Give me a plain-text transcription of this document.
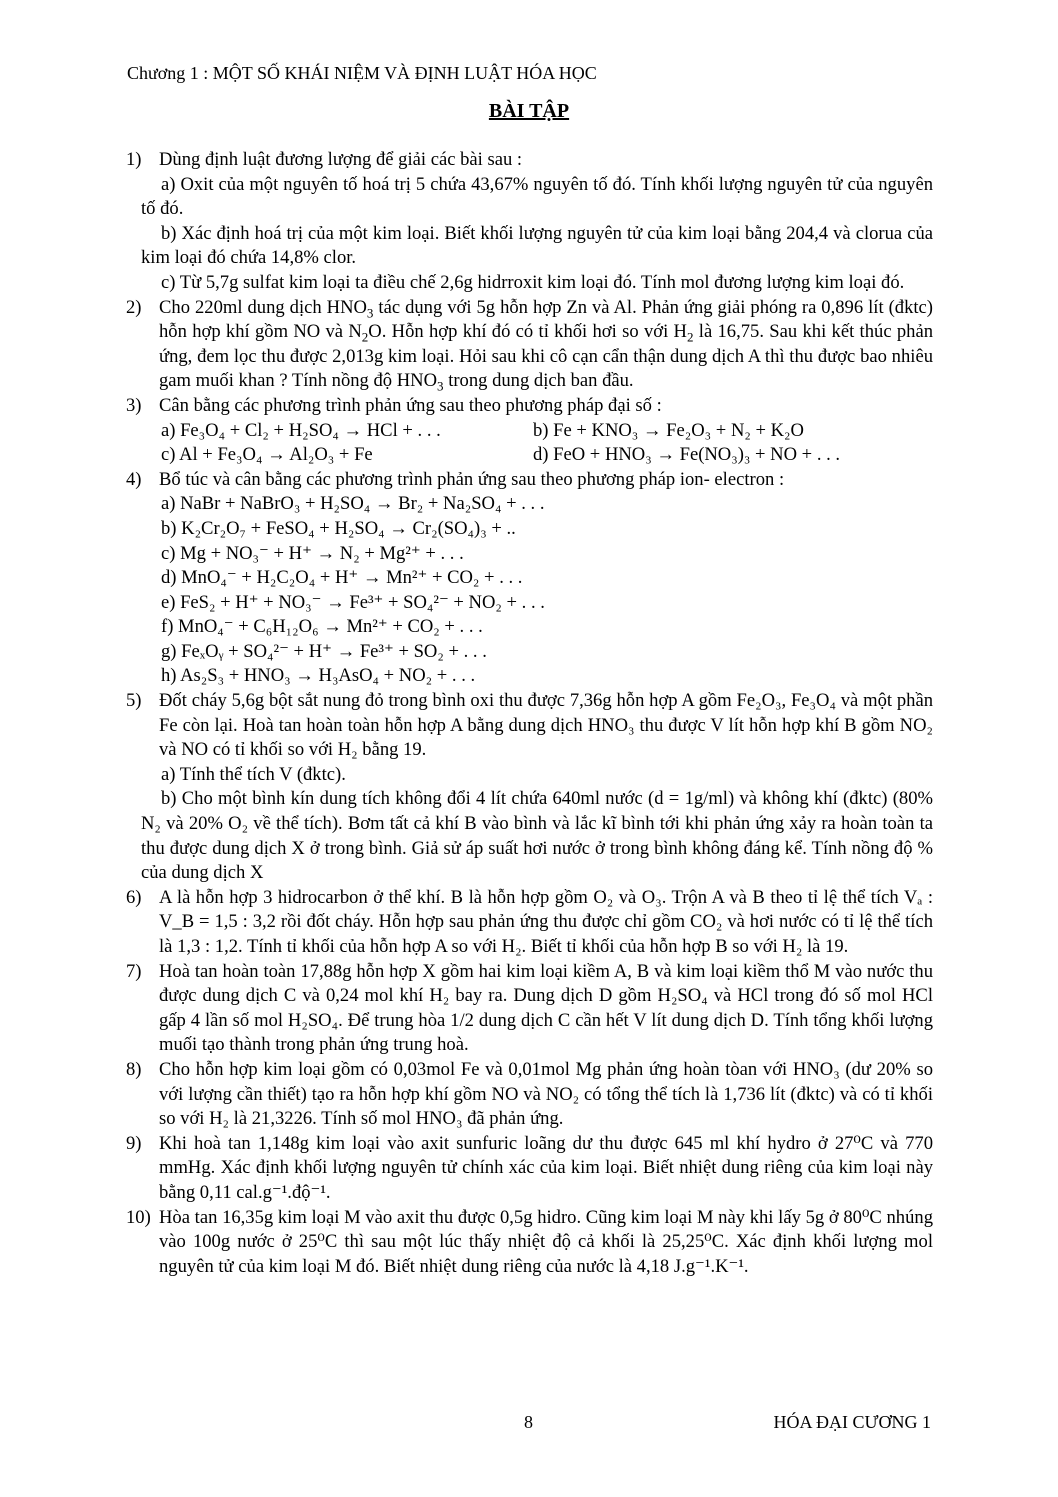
Chương 1 : MỘT SỐ KHÁI NIỆM VÀ ĐỊNH LUẬT HÓA HỌC
BÀI TẬP
1) Dùng định luật đương lượng để giải các bài sau :
a) Oxit của một nguyên tố hoá trị 5 chứa 43,67% nguyên tố đó. Tính khối lượng nguyên tử của nguyên tố đó.
b) Xác định hoá trị của một kim loại. Biết khối lượng nguyên tử của kim loại bằng 204,4 và clorua của kim loại đó chứa 14,8% clor.
c) Từ 5,7g sulfat kim loại ta điều chế 2,6g hidrroxit kim loại đó. Tính mol đương lượng kim loại đó.
2) Cho 220ml dung dịch $HNO_3$ tác dụng với 5g hỗn hợp Zn và Al. Phản ứng giải phóng ra 0,896 lít (đktc) hỗn hợp khí gồm NO và $N_2O$. Hỗn hợp khí đó có tỉ khối hơi so với $H_2$ là 16,75. Sau khi kết thúc phản ứng, đem lọc thu được 2,013g kim loại. Hỏi sau khi cô cạn cẩn thận dung dịch A thì thu được bao nhiêu gam muối khan ? Tính nồng độ $HNO_3$ trong dung dịch ban đầu.
3) Cân bằng các phương trình phản ứng sau theo phương pháp đại số :
a) Fe₃O₄ + Cl₂ + H₂SO₄ → HCl + . . .	b) Fe + KNO₃ → Fe₂O₃ + N₂ + K₂O
c) Al + Fe₃O₄ → Al₂O₃ + Fe	d) FeO + HNO₃ → Fe(NO₃)₃ + NO + . . .
4) Bổ túc và cân bằng các phương trình phản ứng sau theo phương pháp ion- electron :
a) NaBr + NaBrO₃ + H₂SO₄ → Br₂ + Na₂SO₄ + . . .
b) K₂Cr₂O₇ + FeSO₄ + H₂SO₄ → Cr₂(SO₄)₃ + ..
c) Mg + NO₃⁻ + H⁺ → N₂ + Mg²⁺ + . . .
d) MnO₄⁻ + H₂C₂O₄ + H⁺ → Mn²⁺ + CO₂ + . . .
e) FeS₂ + H⁺ + NO₃⁻ → Fe³⁺ + SO₄²⁻ + NO₂ + . . .
f) MnO₄⁻ + C₆H₁₂O₆ → Mn²⁺ + CO₂ + . . .
g) FeₓOᵧ + SO₄²⁻ + H⁺ → Fe³⁺ + SO₂ + . . .
h) As₂S₃ + HNO₃ → H₃AsO₄ + NO₂ + . . .
5) Đốt cháy 5,6g bột sắt nung đỏ trong bình oxi thu được 7,36g hỗn hợp A gồm Fe₂O₃, Fe₃O₄ và một phần Fe còn lại. Hoà tan hoàn toàn hỗn hợp A bằng dung dịch HNO₃ thu được V lít hỗn hợp khí B gồm NO₂ và NO có tỉ khối so với H₂ bằng 19.
a) Tính thể tích V (đktc).
b) Cho một bình kín dung tích không đổi 4 lít chứa 640ml nước (d = 1g/ml) và không khí (đktc) (80% N₂ và 20% O₂ về thể tích). Bơm tất cả khí B vào bình và lắc kĩ bình tới khi phản ứng xảy ra hoàn toàn ta thu được dung dịch X ở trong bình. Giả sử áp suất hơi nước ở trong bình không đáng kể. Tính nồng độ % của dung dịch X
6) A là hỗn hợp 3 hidrocarbon ở thể khí. B là hỗn hợp gồm O₂ và O₃. Trộn A và B theo tỉ lệ thể tích Vₐ : V_B = 1,5 : 3,2 rồi đốt cháy. Hỗn hợp sau phản ứng thu được chỉ gồm CO₂ và hơi nước có tỉ lệ thể tích là 1,3 : 1,2. Tính tỉ khối của hỗn hợp A so với H₂. Biết tỉ khối của hỗn hợp B so với H₂ là 19.
7) Hoà tan hoàn toàn 17,88g hỗn hợp X gồm hai kim loại kiềm A, B và kim loại kiềm thổ M vào nước thu được dung dịch C và 0,24 mol khí H₂ bay ra. Dung dịch D gồm H₂SO₄ và HCl trong đó số mol HCl gấp 4 lần số mol H₂SO₄. Để trung hòa 1/2 dung dịch C cần hết V lít dung dịch D. Tính tổng khối lượng muối tạo thành trong phản ứng trung hoà.
8) Cho hỗn hợp kim loại gồm có 0,03mol Fe và 0,01mol Mg phản ứng hoàn tòan với HNO₃ (dư 20% so với lượng cần thiết) tạo ra hỗn hợp khí gồm NO và NO₂ có tổng thể tích là 1,736 lít (đktc) và có tỉ khối so với H₂ là 21,3226. Tính số mol HNO₃ đã phản ứng.
9) Khi hoà tan 1,148g kim loại vào axit sunfuric loãng dư thu được 645 ml khí hydro ở 27⁰C và 770 mmHg. Xác định khối lượng nguyên tử chính xác của kim loại. Biết nhiệt dung riêng của kim loại này bằng 0,11 cal.g⁻¹.độ⁻¹.
10) Hòa tan 16,35g kim loại M vào axit thu được 0,5g hidro. Cũng kim loại M này khi lấy 5g ở 80⁰C nhúng vào 100g nước ở 25⁰C thì sau một lúc thấy nhiệt độ cả khối là 25,25⁰C. Xác định khối lượng mol nguyên tử của kim loại M đó. Biết nhiệt dung riêng của nước là 4,18 J.g⁻¹.K⁻¹.
8	HÓA ĐẠI CƯƠNG 1
